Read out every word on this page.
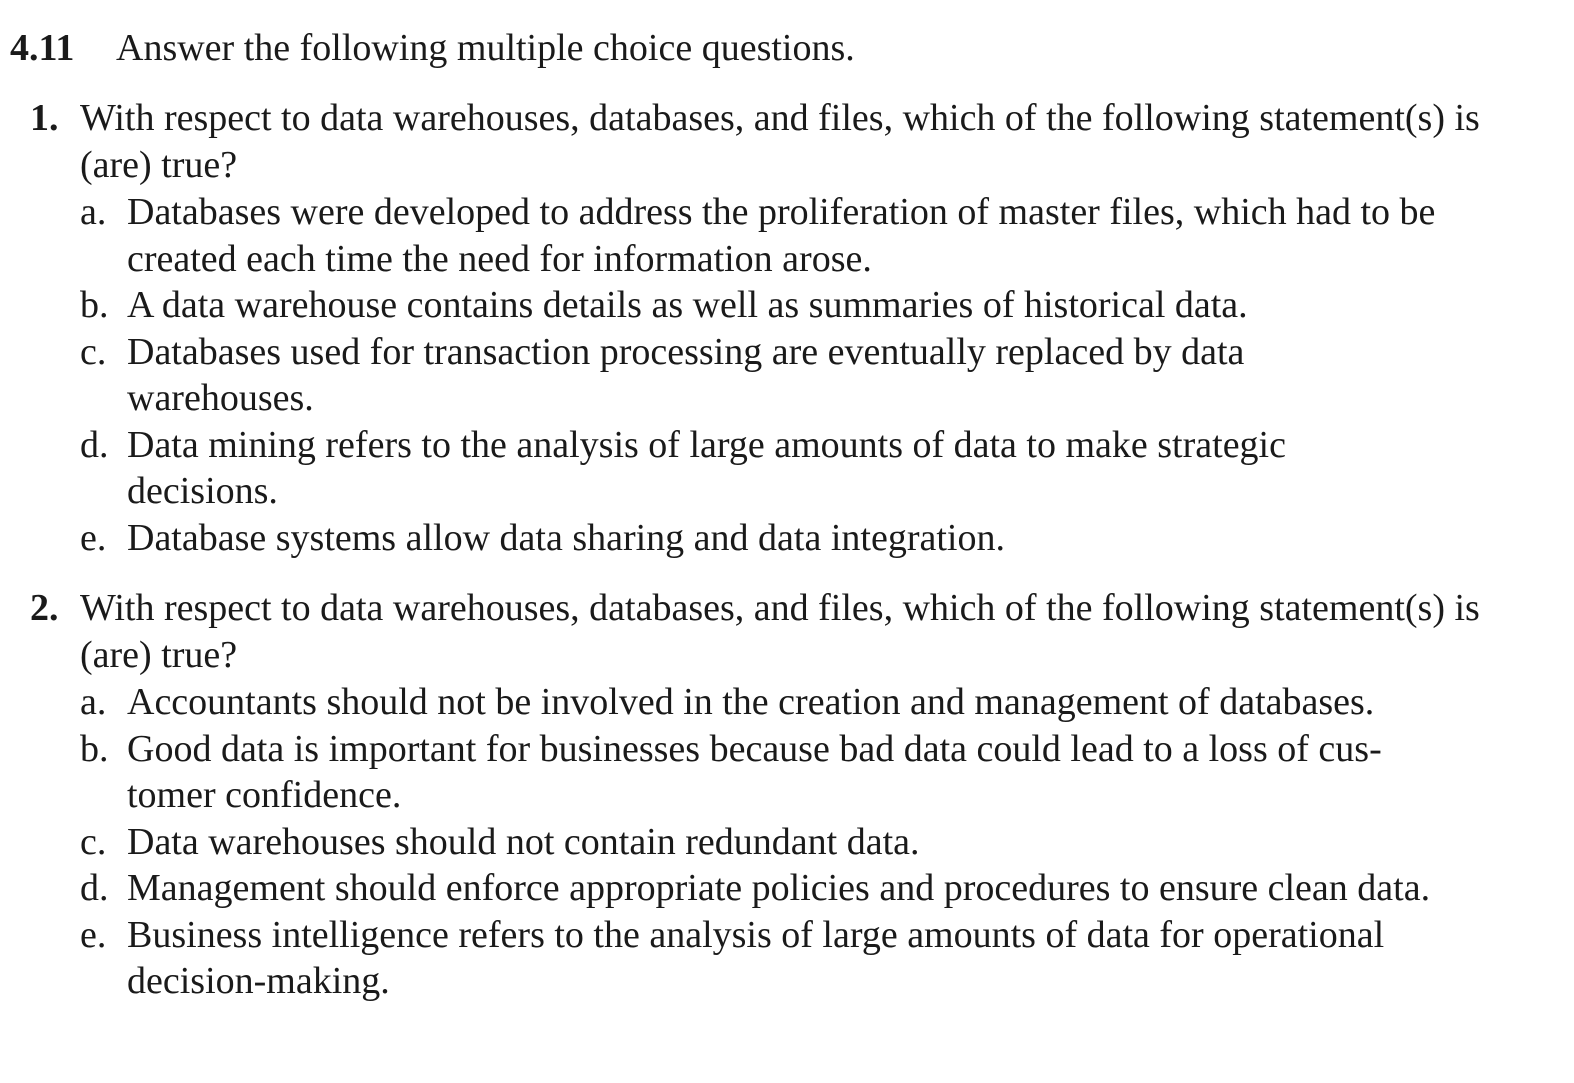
4.11 Answer the following multiple choice questions.
1. With respect to data warehouses, databases, and files, which of the following statement(s) is (are) true?
a. Databases were developed to address the proliferation of master files, which had to be created each time the need for information arose.
b. A data warehouse contains details as well as summaries of historical data.
c. Databases used for transaction processing are eventually replaced by data warehouses.
d. Data mining refers to the analysis of large amounts of data to make strategic decisions.
e. Database systems allow data sharing and data integration.
2. With respect to data warehouses, databases, and files, which of the following statement(s) is (are) true?
a. Accountants should not be involved in the creation and management of databases.
b. Good data is important for businesses because bad data could lead to a loss of cus-tomer confidence.
c. Data warehouses should not contain redundant data.
d. Management should enforce appropriate policies and procedures to ensure clean data.
e. Business intelligence refers to the analysis of large amounts of data for operational decision-making.
